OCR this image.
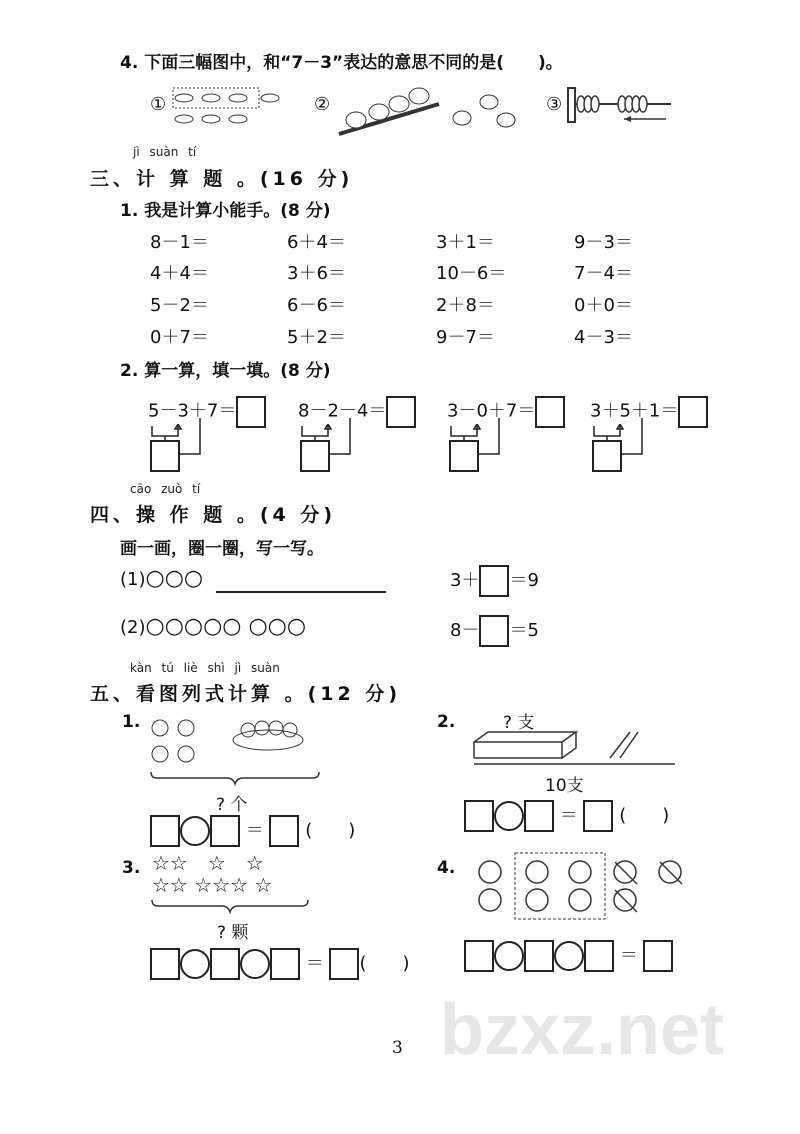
4. 下面三幅图中，和“7－3”表达的意思不同的是(　　)。
①	②	③
jì suàn tí
三、计 算 题 。(16 分)
1. 我是计算小能手。(8 分)
8－1＝	6＋4＝	3＋1＝	9－3＝
4＋4＝	3＋6＝	10－6＝	7－4＝
5－2＝	6－6＝	2＋8＝	0＋0＝
0＋7＝	5＋2＝	9－7＝	4－3＝
2. 算一算，填一填。(8 分)
5－3＋7＝	8－2－4＝	3－0＋7＝	3＋5＋1＝
cāo zuò tí
四、操 作 题 。(4 分)
画一画，圈一圈，写一写。
(1)○○○	3＋ ＝9
(2)○○○○○ ○○○	8－ ＝5
kàn tú liè shì jì suàn
五、看图列式计算 。(12 分)
1.
? 个
＝  (　　)
2.	? 支
10支
＝  (　　)
3. ☆☆　☆　☆
☆☆ ☆☆☆ ☆
? 颗
＝ (　　)
4.
＝
bzxz.net
3
